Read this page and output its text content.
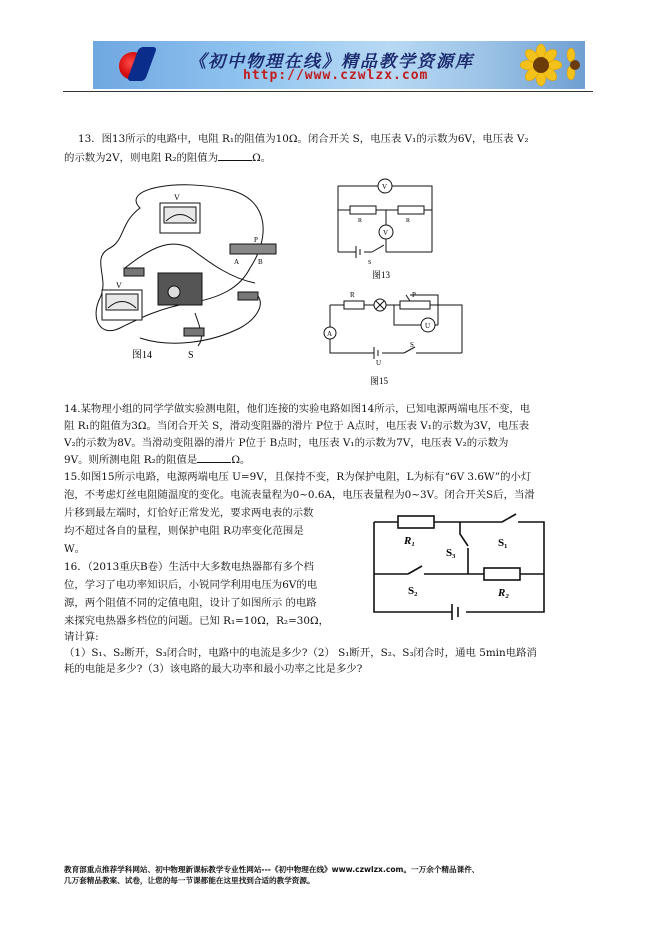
《初中物理在线》精品教学资源库
http://www.czwlzx.com
13．图13所示的电路中，电阻 R₁的阻值为10Ω。闭合开关 S，电压表 V₁的示数为6V，电压表 V₂
的示数为2V，则电阻 R₂的阻值为	Ω。
V
V
P
A	B
图14	S
V
V
R	R
S
图13
A
U
R	P
U
S
图15
14.某物理小组的同学学做实验测电阻，他们连接的实验电路如图14所示，已知电源两端电压不变，电
阻 R₁的阻值为3Ω。当闭合开关 S，滑动变阻器的滑片 P位于 A点时，电压表 V₁的示数为3V，电压表
V₂的示数为8V。当滑动变阻器的滑片 P位于 B点时，电压表 V₁的示数为7V，电压表 V₂的示数为
9V。则所测电阻 R₂的阻值是	Ω。
15.如图15所示电路，电源两端电压 U=9V，且保持不变，R为保护电阻，L为标有“6V 3.6W”的小灯
泡，不考虑灯丝电阻随温度的变化。电流表量程为0~0.6A，电压表量程为0~3V。闭合开关S后，当滑
片移到最左端时，灯恰好正常发光，要求两电表的示数
均不超过各自的量程，则保护电阻 R功率变化范围是
W。
R₁
S₃
S₁
S₂	R₂
16．（2013重庆B卷）生活中大多数电热器都有多个档
位，学习了电功率知识后，小锐同学利用电压为6V的电
源，两个阻值不同的定值电阻，设计了如图所示 的电路
来探究电热器多档位的问题。已知 R₁=10Ω，R₂=30Ω，
请计算:
（1）S₁、S₂断开，S₃闭合时，电路中的电流是多少?（2） S₁断开，S₂、S₃闭合时，通电 5min电路消
耗的电能是多少?（3）该电路的最大功率和最小功率之比是多少?
教育部重点推荐学科网站、初中物理新课标教学专业性网站---《初中物理在线》www.czwlzx.com。一万余个精品课件、
几万套精品教案、试卷，让您的每一节课都能在这里找到合适的教学资源。
